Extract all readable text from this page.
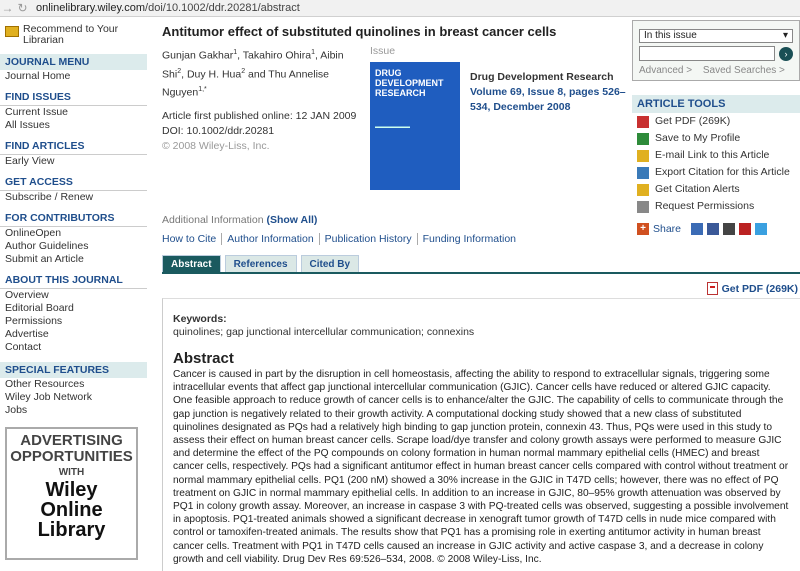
→ ↻ onlinelibrary.wiley.com/doi/10.1002/ddr.20281/abstract
Recommend to Your Librarian
JOURNAL MENU
Journal Home
FIND ISSUES
Current Issue
All Issues
FIND ARTICLES
Early View
GET ACCESS
Subscribe / Renew
FOR CONTRIBUTORS
OnlineOpen
Author Guidelines
Submit an Article
ABOUT THIS JOURNAL
Overview
Editorial Board
Permissions
Advertise
Contact
SPECIAL FEATURES
Other Resources
Wiley Job Network
Jobs
ADVERTISING
OPPORTUNITIES
WITH
Wiley
Online
Library
Antitumor effect of substituted quinolines in breast cancer cells
Gunjan Gakhar$^1$, Takahiro Ohira$^1$, Aibin Shi$^2$, Duy H. Hua$^2$ and Thu Annelise Nguyen$^{1,*}$
Article first published online: 12 JAN 2009
DOI: 10.1002/ddr.20281
© 2008 Wiley-Liss, Inc.
Issue
DRUG DEVELOPMENT RESEARCH
▬▬▬▬▬▬▬
Drug Development Research
Volume 69, Issue 8, pages 526–534, December 2008
Additional Information (Show All)
How to Cite Author Information Publication History Funding Information
Abstract	References	Cited By
Get PDF (269K)
Keywords:
quinolines; gap junctional intercellular communication; connexins
Abstract
Cancer is caused in part by the disruption in cell homeostasis, affecting the ability to respond to extracellular signals, triggering some intracellular events that affect gap junctional intercellular communication (GJIC). Cancer cells have reduced or altered GJIC capacity. One feasible approach to reduce growth of cancer cells is to enhance/alter the GJIC. The capability of cells to communicate through the gap junction is negatively related to their growth activity. A computational docking study showed that a new class of substituted quinolines designated as PQs had a relatively high binding to gap junction protein, connexin 43. Thus, PQs were used in this study to assess their effect on human breast cancer cells. Scrape load/dye transfer and colony growth assays were performed to measure GJIC and determine the effect of the PQ compounds on colony formation in human normal mammary epithelial cells (HMEC) and breast cancer cells, respectively. PQs had a significant antitumor effect in human breast cancer cells compared with control without treatment or normal mammary epithelial cells. PQ1 (200 nM) showed a 30% increase in the GJIC in T47D cells; however, there was no effect of PQ treatment on GJIC in normal mammary epithelial cells. In addition to an increase in GJIC, 80–95% growth attenuation was observed by PQ1 in colony growth assay. Moreover, an increase in caspase 3 with PQ-treated cells was observed, suggesting a possible involvement in apoptosis. PQ1-treated animals showed a significant decrease in xenograft tumor growth of T47D cells in nude mice compared with control or tamoxifen-treated animals. The results show that PQ1 has a promising role in exerting antitumor activity in human breast cancer cells. Treatment with PQ1 in T47D cells caused an increase in GJIC activity and active caspase 3, and a decrease in colony growth and cell viability. Drug Dev Res 69:526–534, 2008. © 2008 Wiley-Liss, Inc.
In this issue	▾
›
Advanced > Saved Searches >
ARTICLE TOOLS
Get PDF (269K)
Save to My Profile
E-mail Link to this Article
Export Citation for this Article
Get Citation Alerts
Request Permissions
+ Share
